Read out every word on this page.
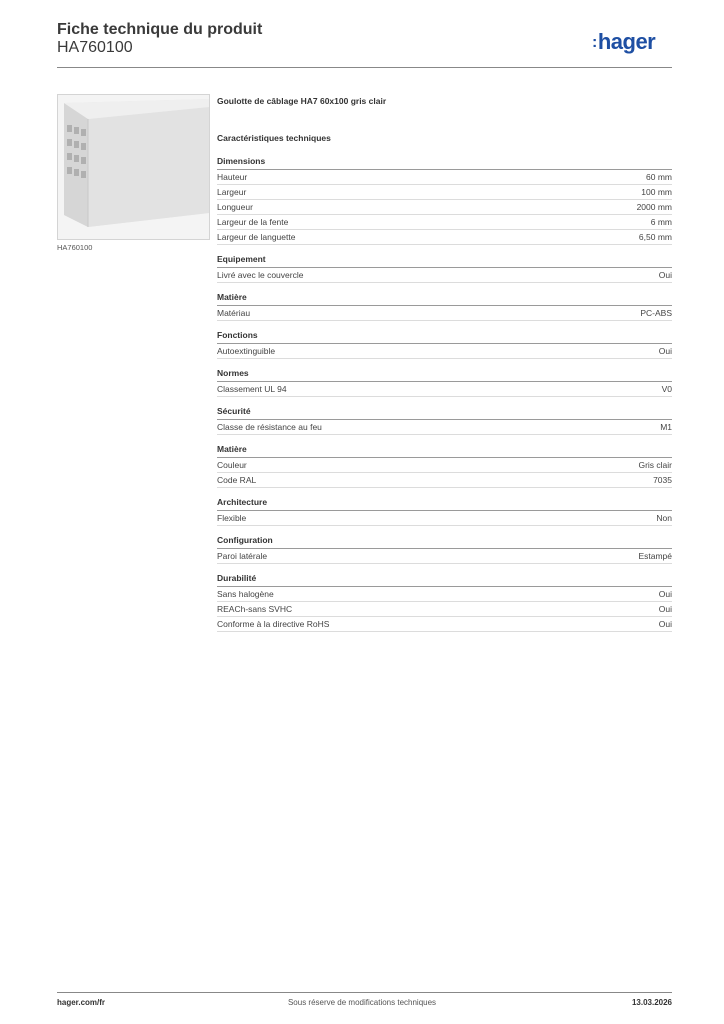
Fiche technique du produit
HA760100	:hager
HA760100
Goulotte de câblage HA7 60x100 gris clair
Caractéristiques techniques
Dimensions
Hauteur	60 mm
Largeur	100 mm
Longueur	2000 mm
Largeur de la fente	6 mm
Largeur de languette	6,50 mm
Equipement
Livré avec le couvercle	Oui
Matière
Matériau	PC-ABS
Fonctions
Autoextinguible	Oui
Normes
Classement UL 94	V0
Sécurité
Classe de résistance au feu	M1
Matière
Couleur	Gris clair
Code RAL	7035
Architecture
Flexible	Non
Configuration
Paroi latérale	Estampé
Durabilité
Sans halogène	Oui
REACh-sans SVHC	Oui
Conforme à la directive RoHS	Oui
hager.com/fr	Sous réserve de modifications techniques	13.03.2026
